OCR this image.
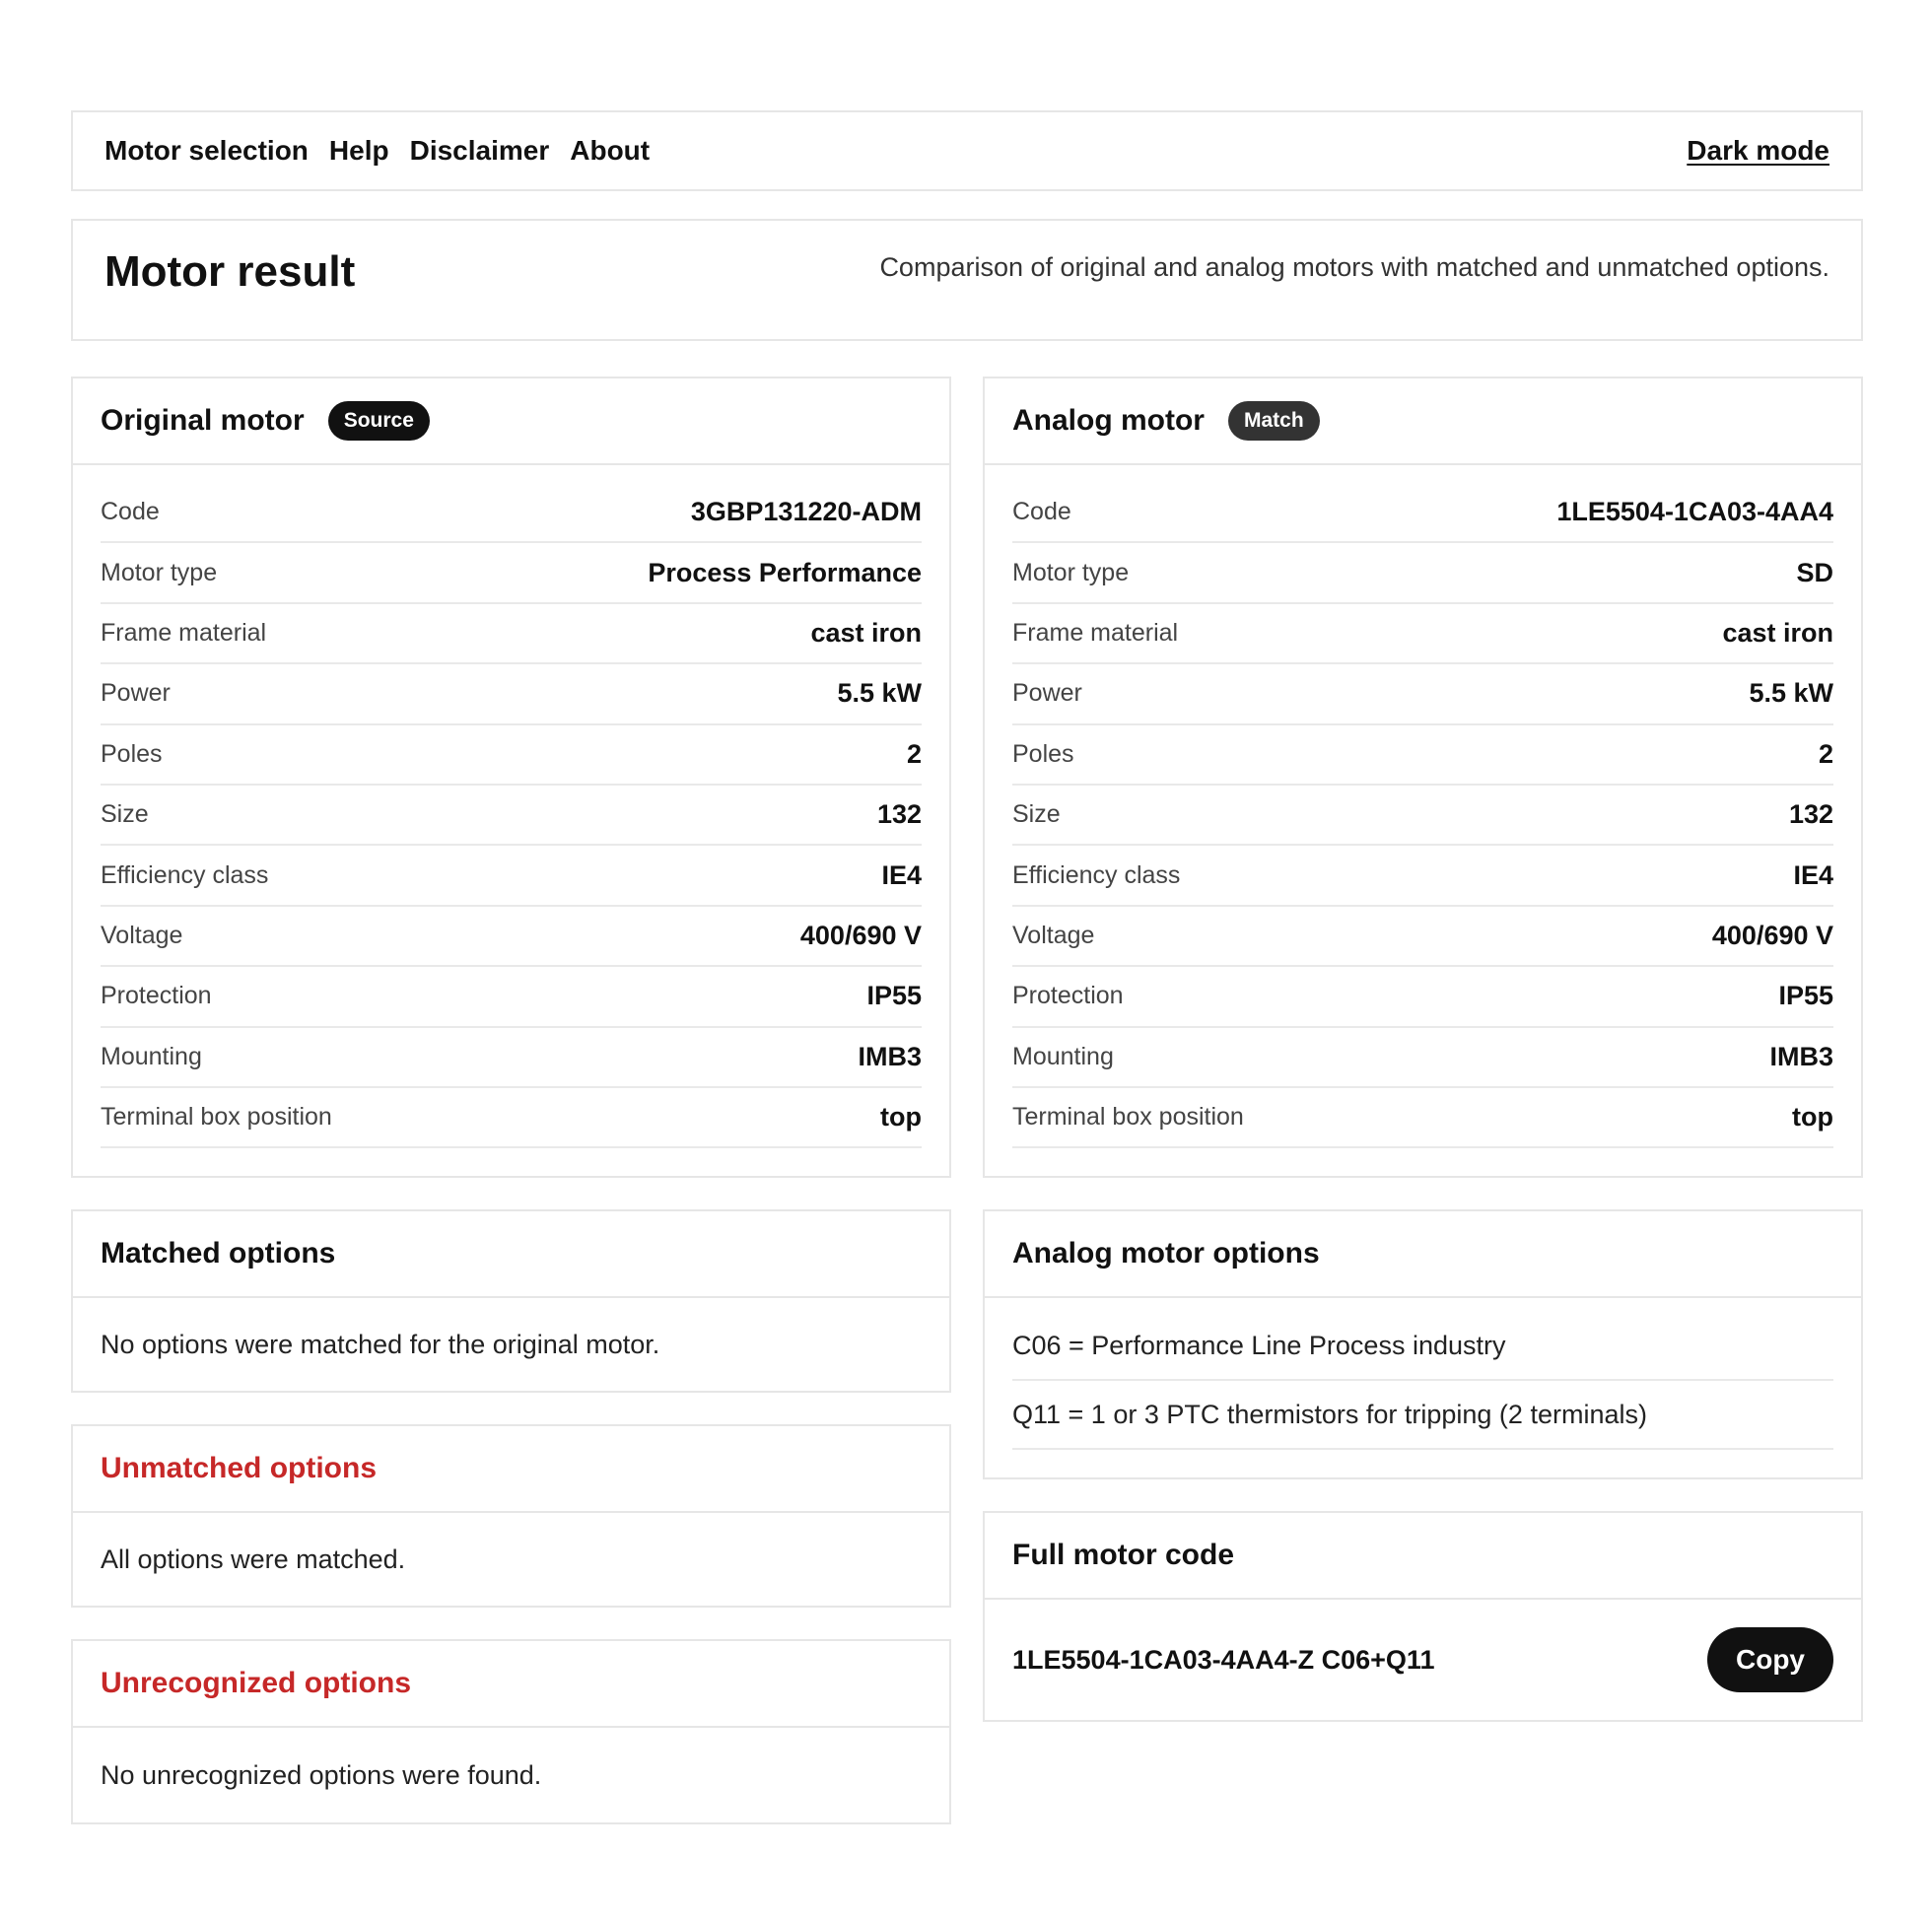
Motor selection Help Disclaimer About	Dark mode
Motor result	Comparison of original and analog motors with matched and unmatched options.
Original motor	Source
Code	3GBP131220-ADM
Motor type	Process Performance
Frame material	cast iron
Power	5.5 kW
Poles	2
Size	132
Efficiency class	IE4
Voltage	400/690 V
Protection	IP55
Mounting	IMB3
Terminal box position	top
Analog motor	Match
Code	1LE5504-1CA03-4AA4
Motor type	SD
Frame material	cast iron
Power	5.5 kW
Poles	2
Size	132
Efficiency class	IE4
Voltage	400/690 V
Protection	IP55
Mounting	IMB3
Terminal box position	top
Matched options
No options were matched for the original motor.
Unmatched options
All options were matched.
Unrecognized options
No unrecognized options were found.
Analog motor options
C06 = Performance Line Process industry
Q11 = 1 or 3 PTC thermistors for tripping (2 terminals)
Full motor code
1LE5504-1CA03-4AA4-Z C06+Q11	Copy
